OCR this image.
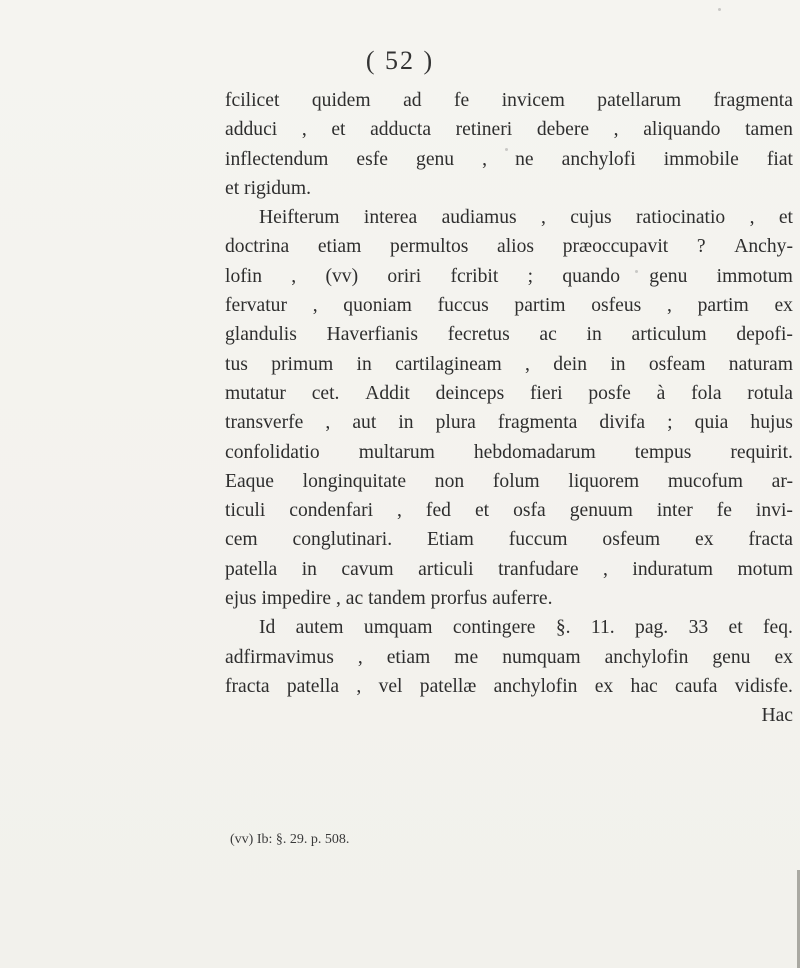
( 52 )
fcilicet quidem ad fe invicem patellarum fragmenta
adduci , et adducta retineri debere , aliquando tamen
inflectendum esfe genu , ne anchylofi immobile fiat
et rigidum.
Heifterum interea audiamus , cujus ratiocinatio , et
doctrina etiam permultos alios præoccupavit ? Anchy-
lofin , (vv) oriri fcribit ; quando genu immotum
fervatur , quoniam fuccus partim osfeus , partim ex
glandulis Haverfianis fecretus ac in articulum depofi-
tus primum in cartilagineam , dein in osfeam naturam
mutatur cet. Addit deinceps fieri posfe à fola rotula
transverfe , aut in plura fragmenta divifa ; quia hujus
confolidatio multarum hebdomadarum tempus requirit.
Eaque longinquitate non folum liquorem mucofum ar-
ticuli condenfari , fed et osfa genuum inter fe invi-
cem conglutinari. Etiam fuccum osfeum ex fracta
patella in cavum articuli tranfudare , induratum motum
ejus impedire , ac tandem prorfus auferre.
Id autem umquam contingere §. 11. pag. 33 et feq.
adfirmavimus , etiam me numquam anchylofin genu ex
fracta patella , vel patellæ anchylofin ex hac caufa vidisfe.
Hac
(vv) Ib: §. 29. p. 508.
